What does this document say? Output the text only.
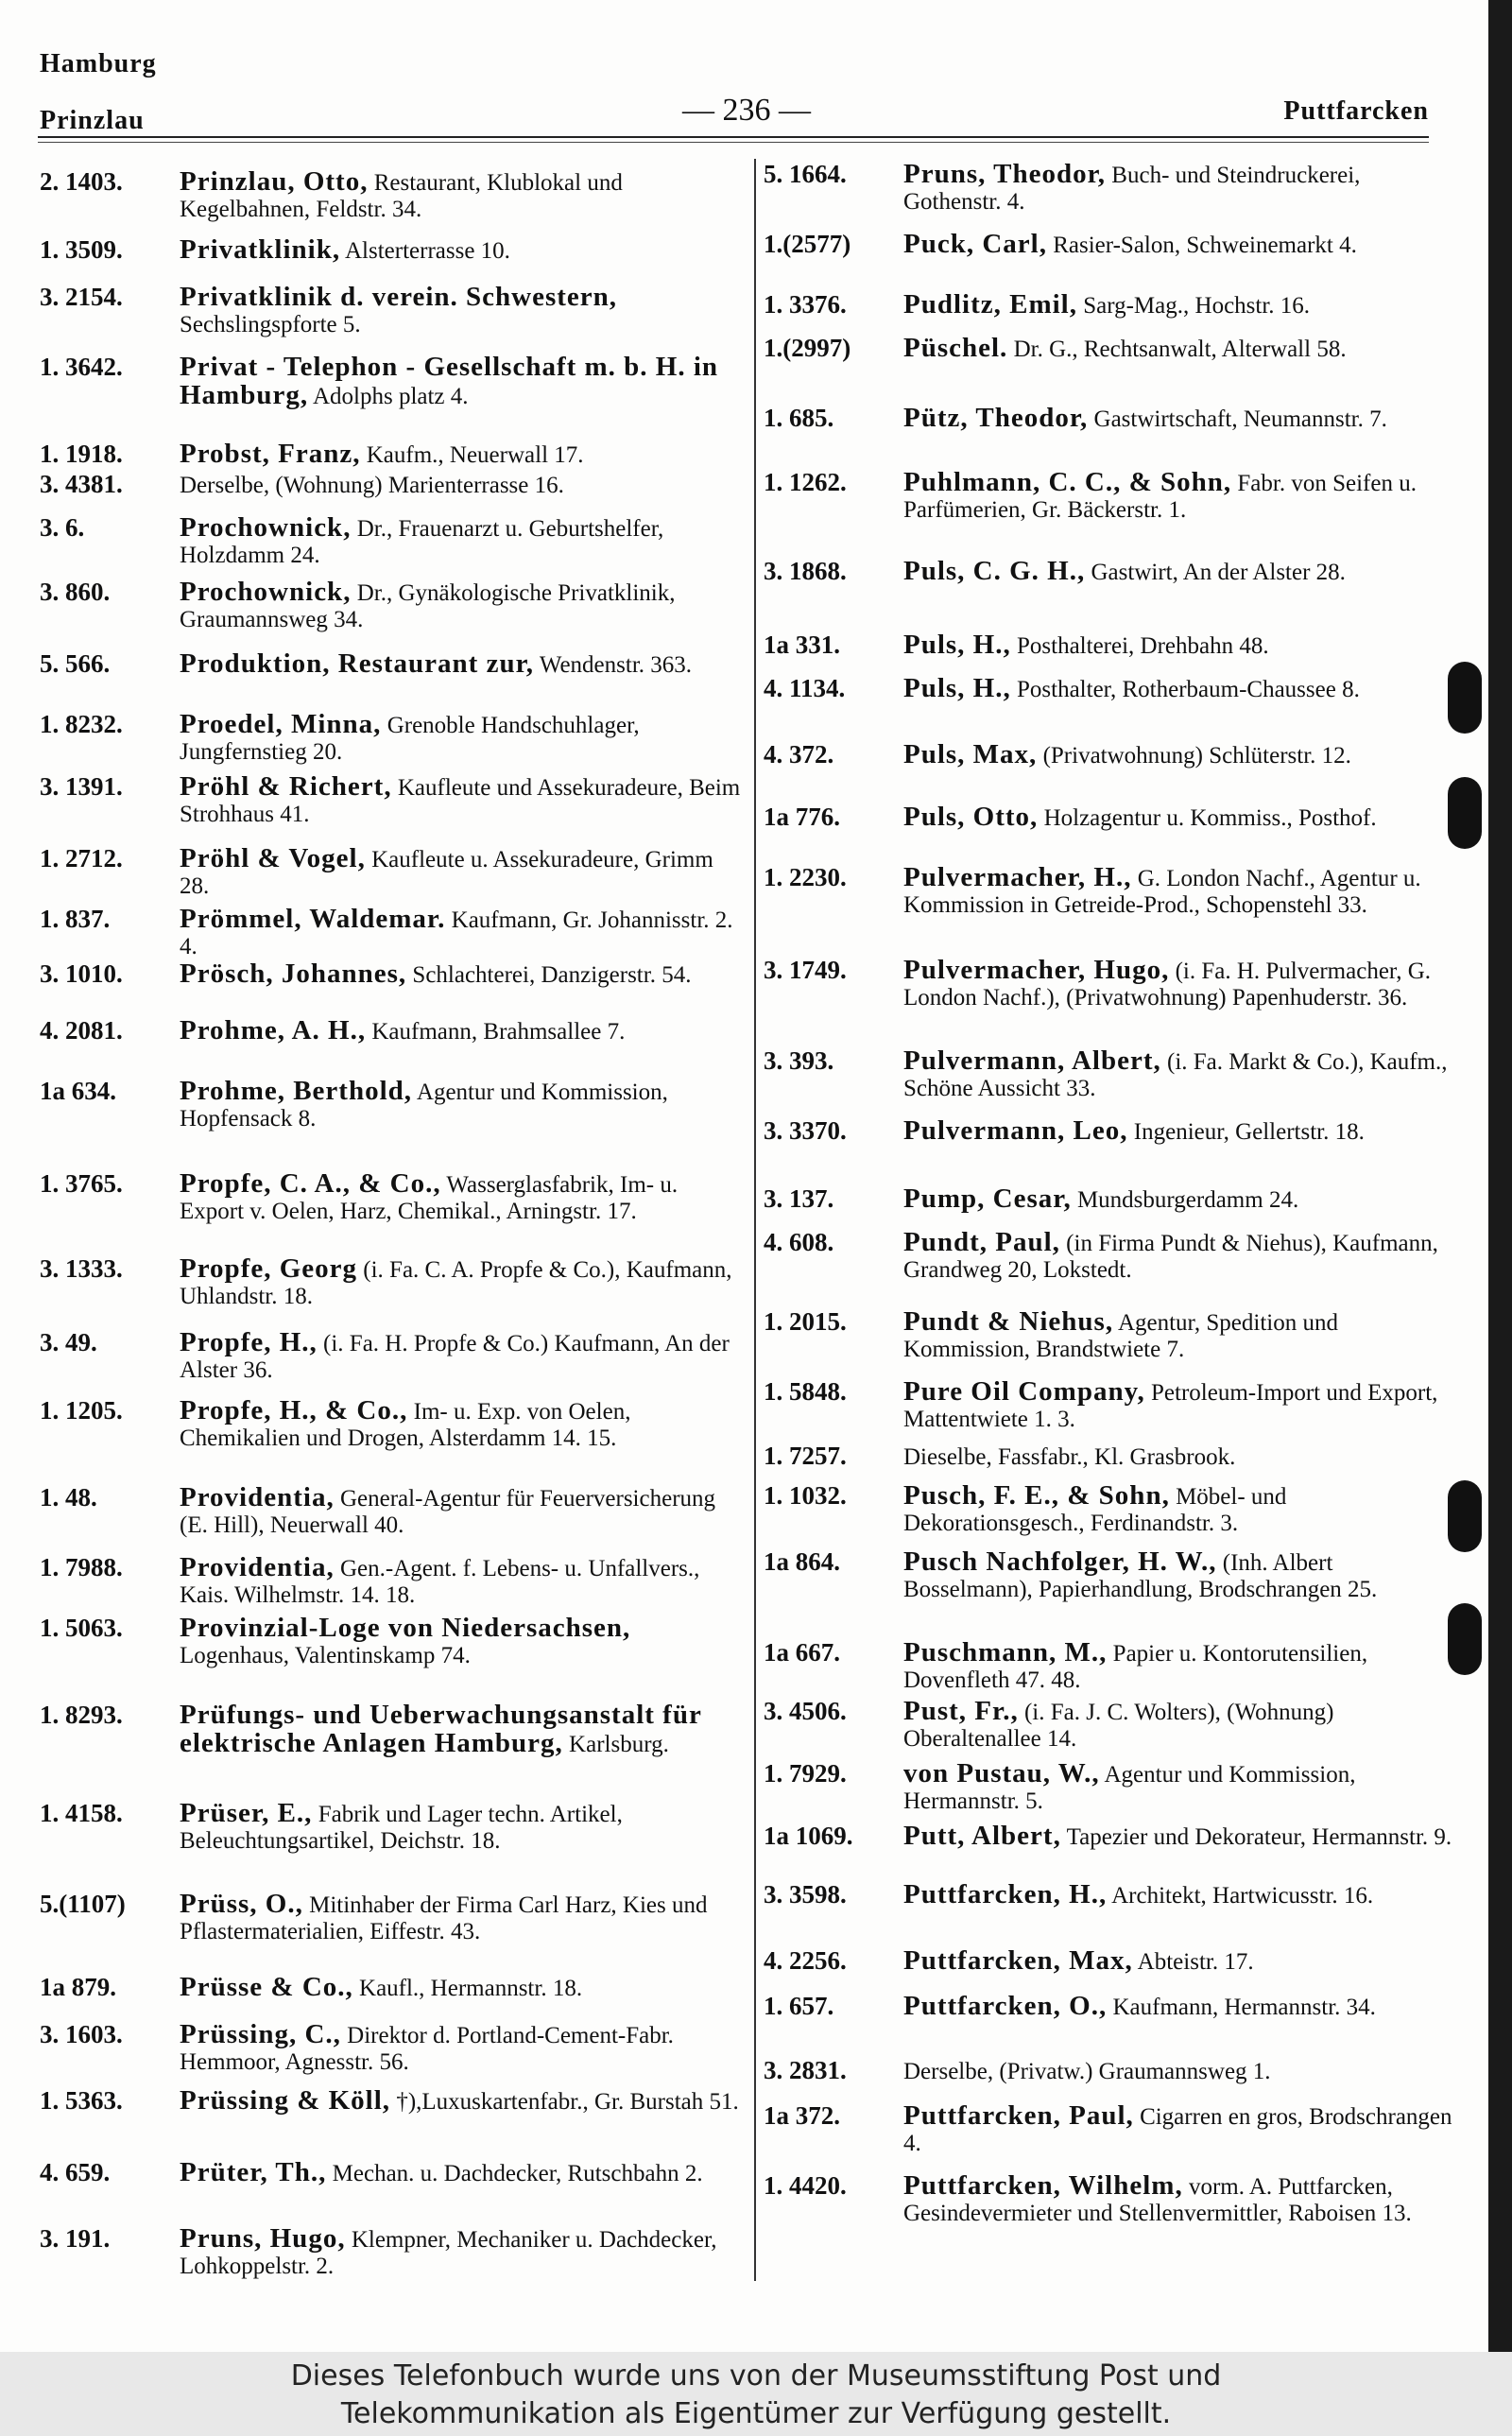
Hamburg
Prinzlau	— 236 —	Puttfarcken
2. 1403.	Prinzlau, Otto, Restaurant, Klublokal und Kegelbahnen, Feldstr. 34.
1. 3509.	Privatklinik, Alsterterrasse 10.
3. 2154.	Privatklinik d. verein. Schwestern, Sechslingspforte 5.
1. 3642.	Privat - Telephon - Gesellschaft m. b. H. in Hamburg, Adolphs platz 4.
1. 1918.	Probst, Franz, Kaufm., Neuerwall 17.
3. 4381.	Derselbe, (Wohnung) Marienterrasse 16.
3. 6.	Prochownick, Dr., Frauenarzt u. Geburtshelfer, Holzdamm 24.
3. 860.	Prochownick, Dr., Gynäkologische Privatklinik, Graumannsweg 34.
5. 566.	Produktion, Restaurant zur, Wendenstr. 363.
1. 8232.	Proedel, Minna, Grenoble Handschuhlager, Jungfernstieg 20.
3. 1391.	Pröhl & Richert, Kaufleute und Assekuradeure, Beim Strohhaus 41.
1. 2712.	Pröhl & Vogel, Kaufleute u. Assekuradeure, Grimm 28.
1. 837.	Prömmel, Waldemar. Kaufmann, Gr. Johannisstr. 2. 4.
3. 1010.	Prösch, Johannes, Schlachterei, Danzigerstr. 54.
4. 2081.	Prohme, A. H., Kaufmann, Brahmsallee 7.
1a 634.	Prohme, Berthold, Agentur und Kommission, Hopfensack 8.
1. 3765.	Propfe, C. A., & Co., Wasserglasfabrik, Im- u. Export v. Oelen, Harz, Chemikal., Arningstr. 17.
3. 1333.	Propfe, Georg (i. Fa. C. A. Propfe & Co.), Kaufmann, Uhlandstr. 18.
3. 49.	Propfe, H., (i. Fa. H. Propfe & Co.) Kaufmann, An der Alster 36.
1. 1205.	Propfe, H., & Co., Im- u. Exp. von Oelen, Chemikalien und Drogen, Alsterdamm 14. 15.
1. 48.	Providentia, General-Agentur für Feuerversicherung (E. Hill), Neuerwall 40.
1. 7988.	Providentia, Gen.-Agent. f. Lebens- u. Unfallvers., Kais. Wilhelmstr. 14. 18.
1. 5063.	Provinzial-Loge von Niedersachsen, Logenhaus, Valentinskamp 74.
1. 8293.	Prüfungs- und Ueberwachungsanstalt für elektrische Anlagen Hamburg, Karlsburg.
1. 4158.	Prüser, E., Fabrik und Lager techn. Artikel, Beleuchtungsartikel, Deichstr. 18.
5.(1107)	Prüss, O., Mitinhaber der Firma Carl Harz, Kies und Pflastermaterialien, Eiffestr. 43.
1a 879.	Prüsse & Co., Kaufl., Hermannstr. 18.
3. 1603.	Prüssing, C., Direktor d. Portland-Cement-Fabr. Hemmoor, Agnesstr. 56.
1. 5363.	Prüssing & Köll, †),Luxuskartenfabr., Gr. Burstah 51.
4. 659.	Prüter, Th., Mechan. u. Dachdecker, Rutschbahn 2.
3. 191.	Pruns, Hugo, Klempner, Mechaniker u. Dachdecker, Lohkoppelstr. 2.
5. 1664.	Pruns, Theodor, Buch- und Steindruckerei, Gothenstr. 4.
1.(2577)	Puck, Carl, Rasier-Salon, Schweinemarkt 4.
1. 3376.	Pudlitz, Emil, Sarg-Mag., Hochstr. 16.
1.(2997)	Püschel. Dr. G., Rechtsanwalt, Alterwall 58.
1. 685.	Pütz, Theodor, Gastwirtschaft, Neumannstr. 7.
1. 1262.	Puhlmann, C. C., & Sohn, Fabr. von Seifen u. Parfümerien, Gr. Bäckerstr. 1.
3. 1868.	Puls, C. G. H., Gastwirt, An der Alster 28.
1a 331.	Puls, H., Posthalterei, Drehbahn 48.
4. 1134.	Puls, H., Posthalter, Rotherbaum-Chaussee 8.
4. 372.	Puls, Max, (Privatwohnung) Schlüterstr. 12.
1a 776.	Puls, Otto, Holzagentur u. Kommiss., Posthof.
1. 2230.	Pulvermacher, H., G. London Nachf., Agentur u. Kommission in Getreide-Prod., Schopenstehl 33.
3. 1749.	Pulvermacher, Hugo, (i. Fa. H. Pulvermacher, G. London Nachf.), (Privatwohnung) Papenhuderstr. 36.
3. 393.	Pulvermann, Albert, (i. Fa. Markt & Co.), Kaufm., Schöne Aussicht 33.
3. 3370.	Pulvermann, Leo, Ingenieur, Gellertstr. 18.
3. 137.	Pump, Cesar, Mundsburgerdamm 24.
4. 608.	Pundt, Paul, (in Firma Pundt & Niehus), Kaufmann, Grandweg 20, Lokstedt.
1. 2015.	Pundt & Niehus, Agentur, Spedition und Kommission, Brandstwiete 7.
1. 5848.	Pure Oil Company, Petroleum-Import und Export, Mattentwiete 1. 3.
1. 7257.	Dieselbe, Fassfabr., Kl. Grasbrook.
1. 1032.	Pusch, F. E., & Sohn, Möbel- und Dekorationsgesch., Ferdinandstr. 3.
1a 864.	Pusch Nachfolger, H. W., (Inh. Albert Bosselmann), Papierhandlung, Brodschrangen 25.
1a 667.	Puschmann, M., Papier u. Kontorutensilien, Dovenfleth 47. 48.
3. 4506.	Pust, Fr., (i. Fa. J. C. Wolters), (Wohnung) Oberaltenallee 14.
1. 7929.	von Pustau, W., Agentur und Kommission, Hermannstr. 5.
1a 1069.	Putt, Albert, Tapezier und Dekorateur, Hermannstr. 9.
3. 3598.	Puttfarcken, H., Architekt, Hartwicusstr. 16.
4. 2256.	Puttfarcken, Max, Abteistr. 17.
1. 657.	Puttfarcken, O., Kaufmann, Hermannstr. 34.
3. 2831.	Derselbe, (Privatw.) Graumannsweg 1.
1a 372.	Puttfarcken, Paul, Cigarren en gros, Brodschrangen 4.
1. 4420.	Puttfarcken, Wilhelm, vorm. A. Puttfarcken, Gesindevermieter und Stellenvermittler, Raboisen 13.
Dieses Telefonbuch wurde uns von der Museumsstiftung Post und
Telekommunikation als Eigentümer zur Verfügung gestellt.
